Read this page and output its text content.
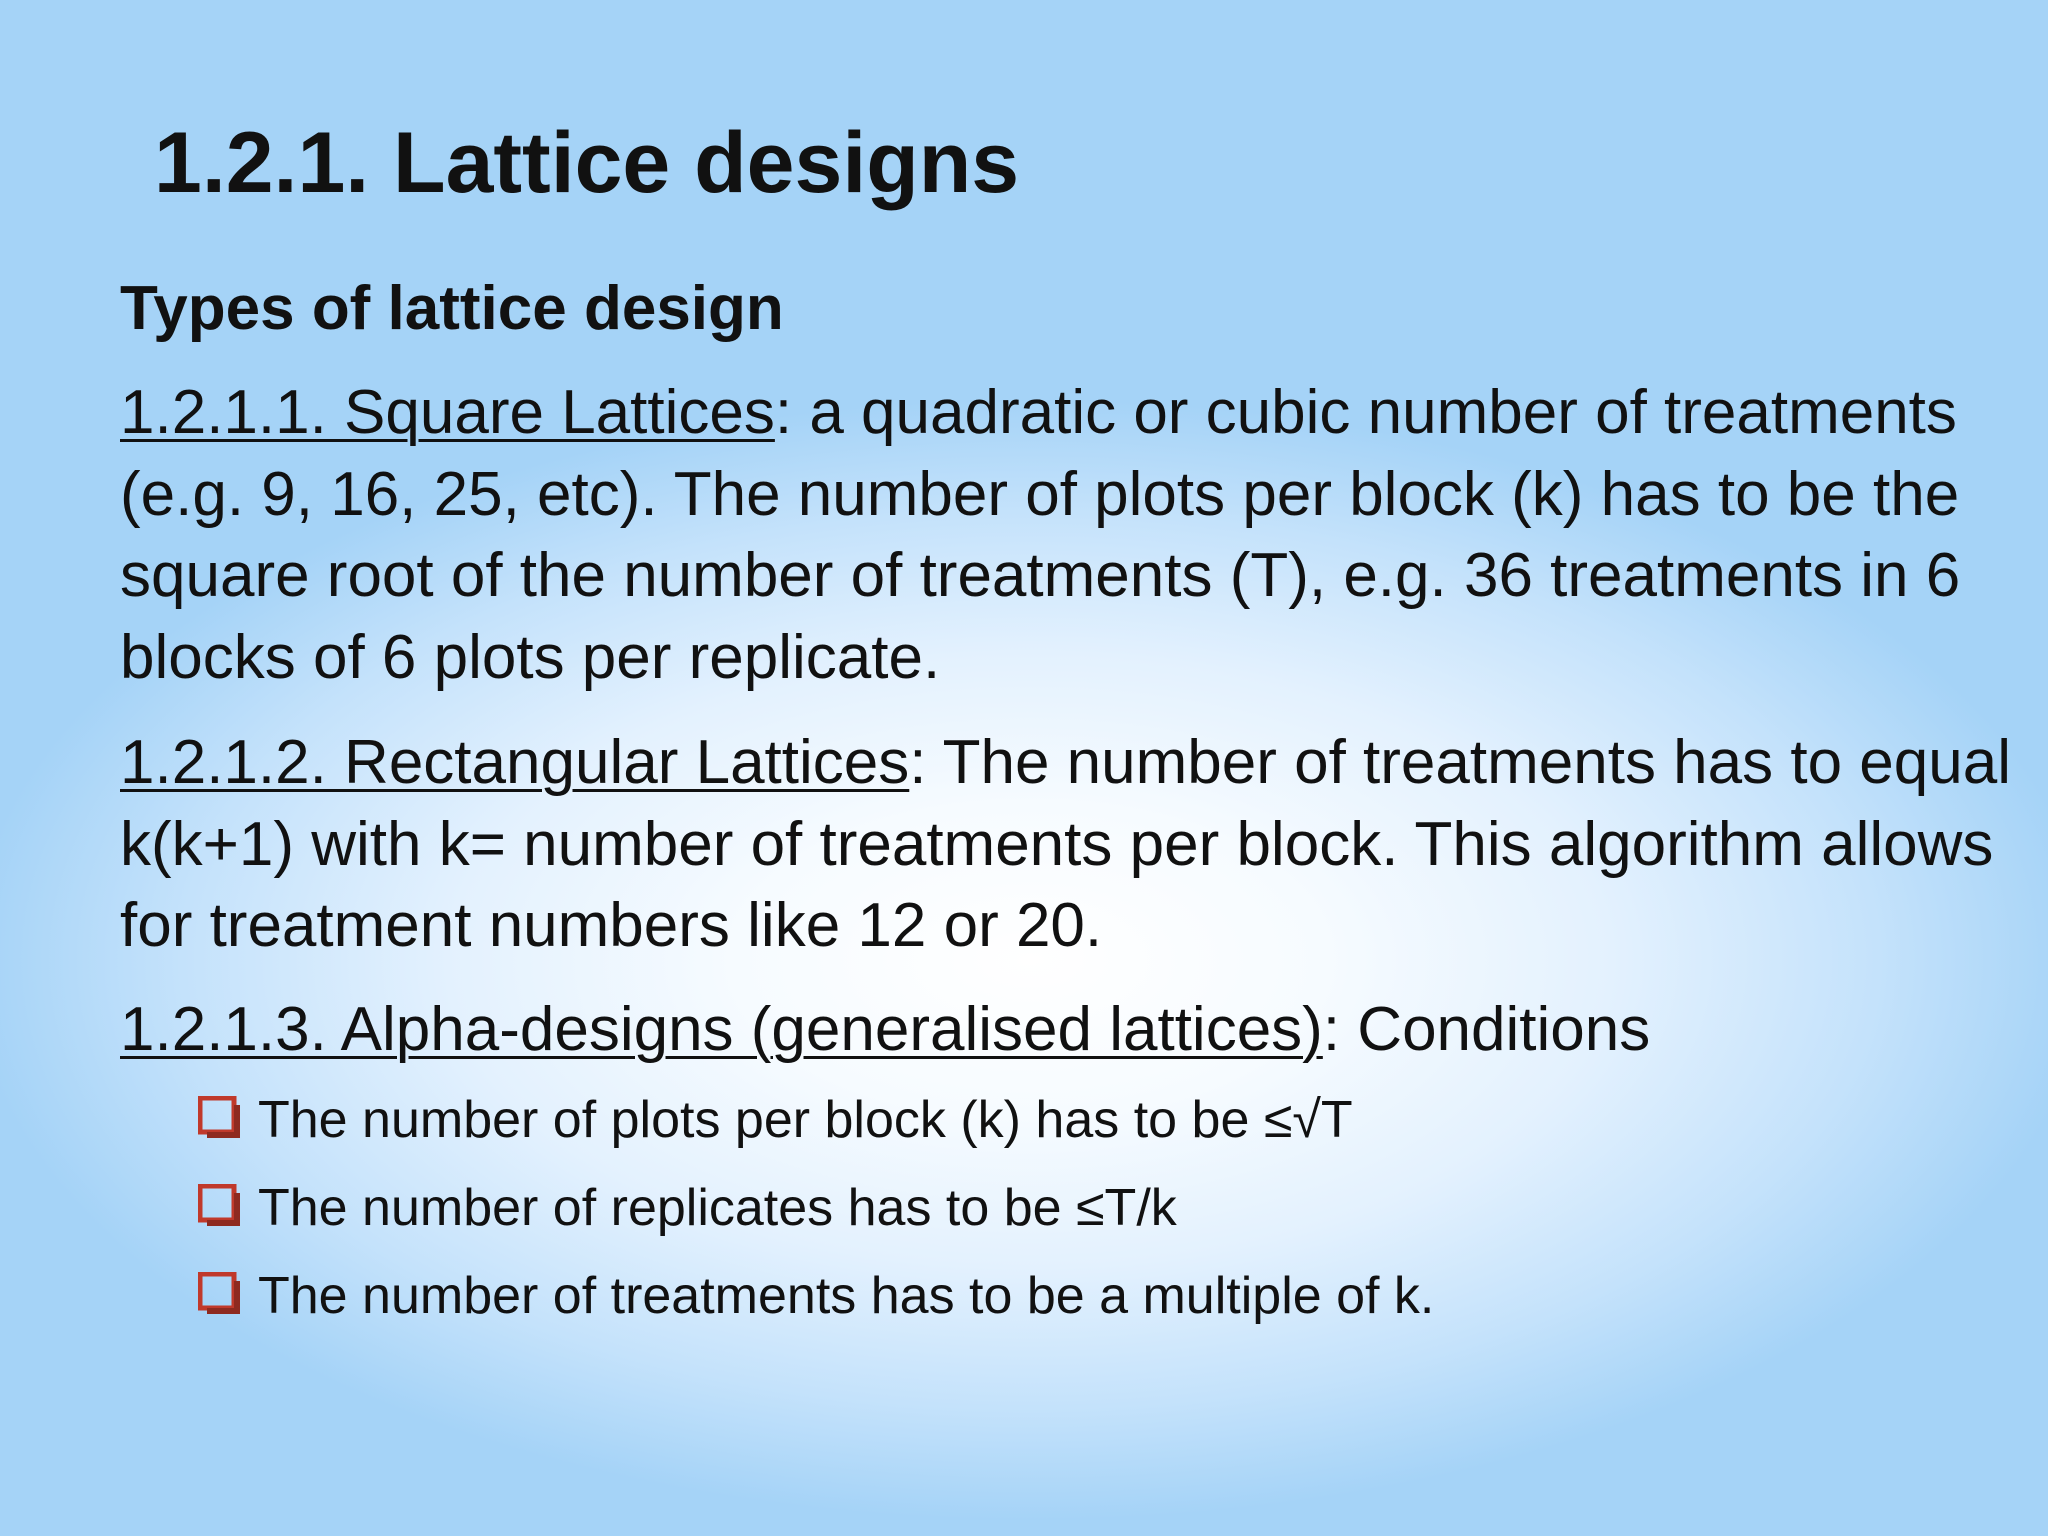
1.2.1. Lattice designs
Types of lattice design

1.2.1.1. Square Lattices: a quadratic or cubic number of treatments (e.g. 9, 16, 25, etc). The number of plots per block (k) has to be the square root of the number of treatments (T), e.g. 36 treatments in 6 blocks of 6 plots per replicate.

1.2.1.2. Rectangular Lattices: The number of treatments has to equal k(k+1) with k= number of treatments per block. This algorithm allows for treatment numbers like 12 or 20.

1.2.1.3. Alpha-designs (generalised lattices): Conditions

The number of plots per block (k) has to be ≤√T
The number of replicates has to be ≤T/k
The number of treatments has to be a multiple of k.
